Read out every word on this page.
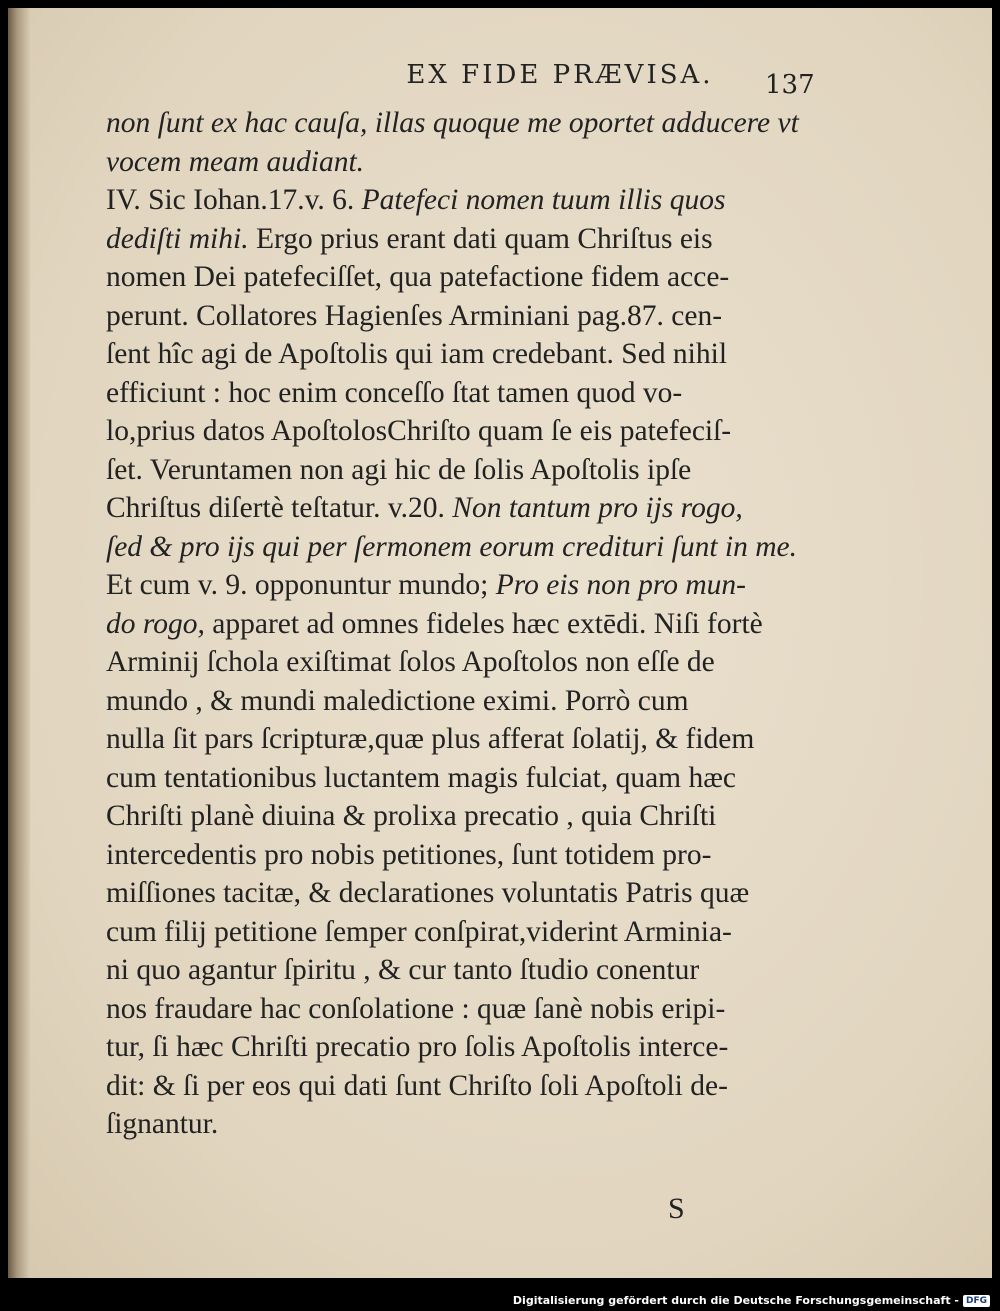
EX FIDE PRÆVISA.	137
non ſunt ex hac cauſa, illas quoque me oportet adducere vt
vocem meam audiant.
IV. Sic Iohan.17.v. 6. Patefeci nomen tuum illis quos
dediſti mihi. Ergo prius erant dati quam Chriſtus eis
nomen Dei patefeciſſet, qua patefactione fidem acce-
perunt. Collatores Hagienſes Arminiani pag.87. cen-
ſent hîc agi de Apoſtolis qui iam credebant. Sed nihil
efficiunt : hoc enim conceſſo ſtat tamen quod vo-
lo,prius datos ApoſtolosChriſto quam ſe eis patefeciſ-
ſet. Veruntamen non agi hic de ſolis Apoſtolis ipſe
Chriſtus diſertè teſtatur. v.20. Non tantum pro ijs rogo,
ſed & pro ijs qui per ſermonem eorum credituri ſunt in me.
Et cum v. 9. opponuntur mundo; Pro eis non pro mun-
do rogo, apparet ad omnes fideles hæc extēdi. Niſi fortè
Arminij ſchola exiſtimat ſolos Apoſtolos non eſſe de
mundo , & mundi maledictione eximi. Porrò cum
nulla ſit pars ſcripturæ,quæ plus afferat ſolatij, & fidem
cum tentationibus luctantem magis fulciat, quam hæc
Chriſti planè diuina & prolixa precatio , quia Chriſti
intercedentis pro nobis petitiones, ſunt totidem pro-
miſſiones tacitæ, & declarationes voluntatis Patris quæ
cum filij petitione ſemper conſpirat,viderint Arminia-
ni quo agantur ſpiritu , & cur tanto ſtudio conentur
nos fraudare hac conſolatione : quæ ſanè nobis eripi-
tur, ſi hæc Chriſti precatio pro ſolis Apoſtolis interce-
dit: & ſi per eos qui dati ſunt Chriſto ſoli Apoſtoli de-
ſignantur.
S
Digitalisierung gefördert durch die Deutsche Forschungsgemeinschaft - DFG
